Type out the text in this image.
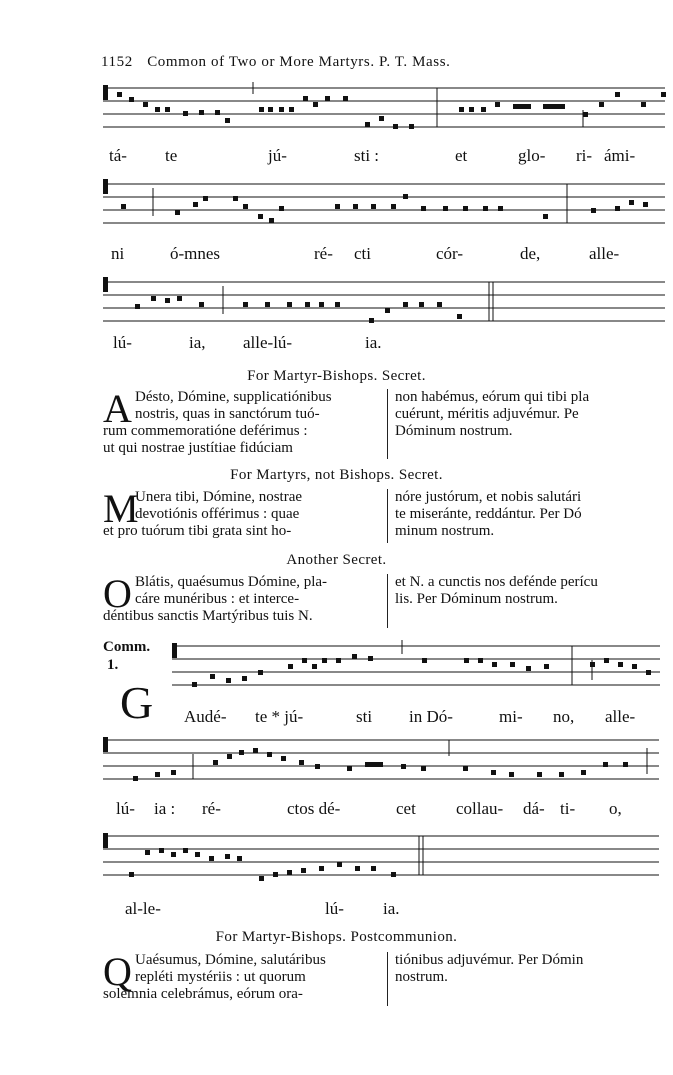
1152 Common of Two or More Martyrs. P. T. Mass.
tá- te	jú-	sti :	et	glo- ri- ámi-
ni	ó-mnes	ré- cti	cór-	de,	alle-
lú-	ia, alle-lú-	ia.
For Martyr-Bishops. Secret.
A Désto, Dómine, supplicatiónibus
nostris, quas in sanctórum tuó-
rum commemoratióne deférimus :
ut qui nostrae justítiae fidúciam
non habémus, eórum qui tibi pla
cuérunt, méritis adjuvémur. Pe
Dóminum nostrum.
For Martyrs, not Bishops. Secret.
M
Unera tibi, Dómine, nostrae
devotiónis offérimus : quae
et pro tuórum tibi grata sint ho-
nóre justórum, et nobis salutári
te miseránte, reddántur. Per Dó
minum nostrum.
Another Secret.
O Blátis, quaésumus Dómine, pla-
cáre munéribus : et interce-
déntibus sanctis Martýribus tuis N.
et N. a cunctis nos defénde perícu
lis. Per Dóminum nostrum.
Comm.
1.
G Audé- te * jú-	sti in Dó-	mi- no, alle-
lú- ia : ré-	ctos dé-	cet collau- dá- ti- o,
al-le-	lú- ia.
For Martyr-Bishops. Postcommunion.
Q Uaésumus, Dómine, salutáribus
repléti mystériis : ut quorum
solémnia celebrámus, eórum ora-
tiónibus adjuvémur. Per Dómin
nostrum.
